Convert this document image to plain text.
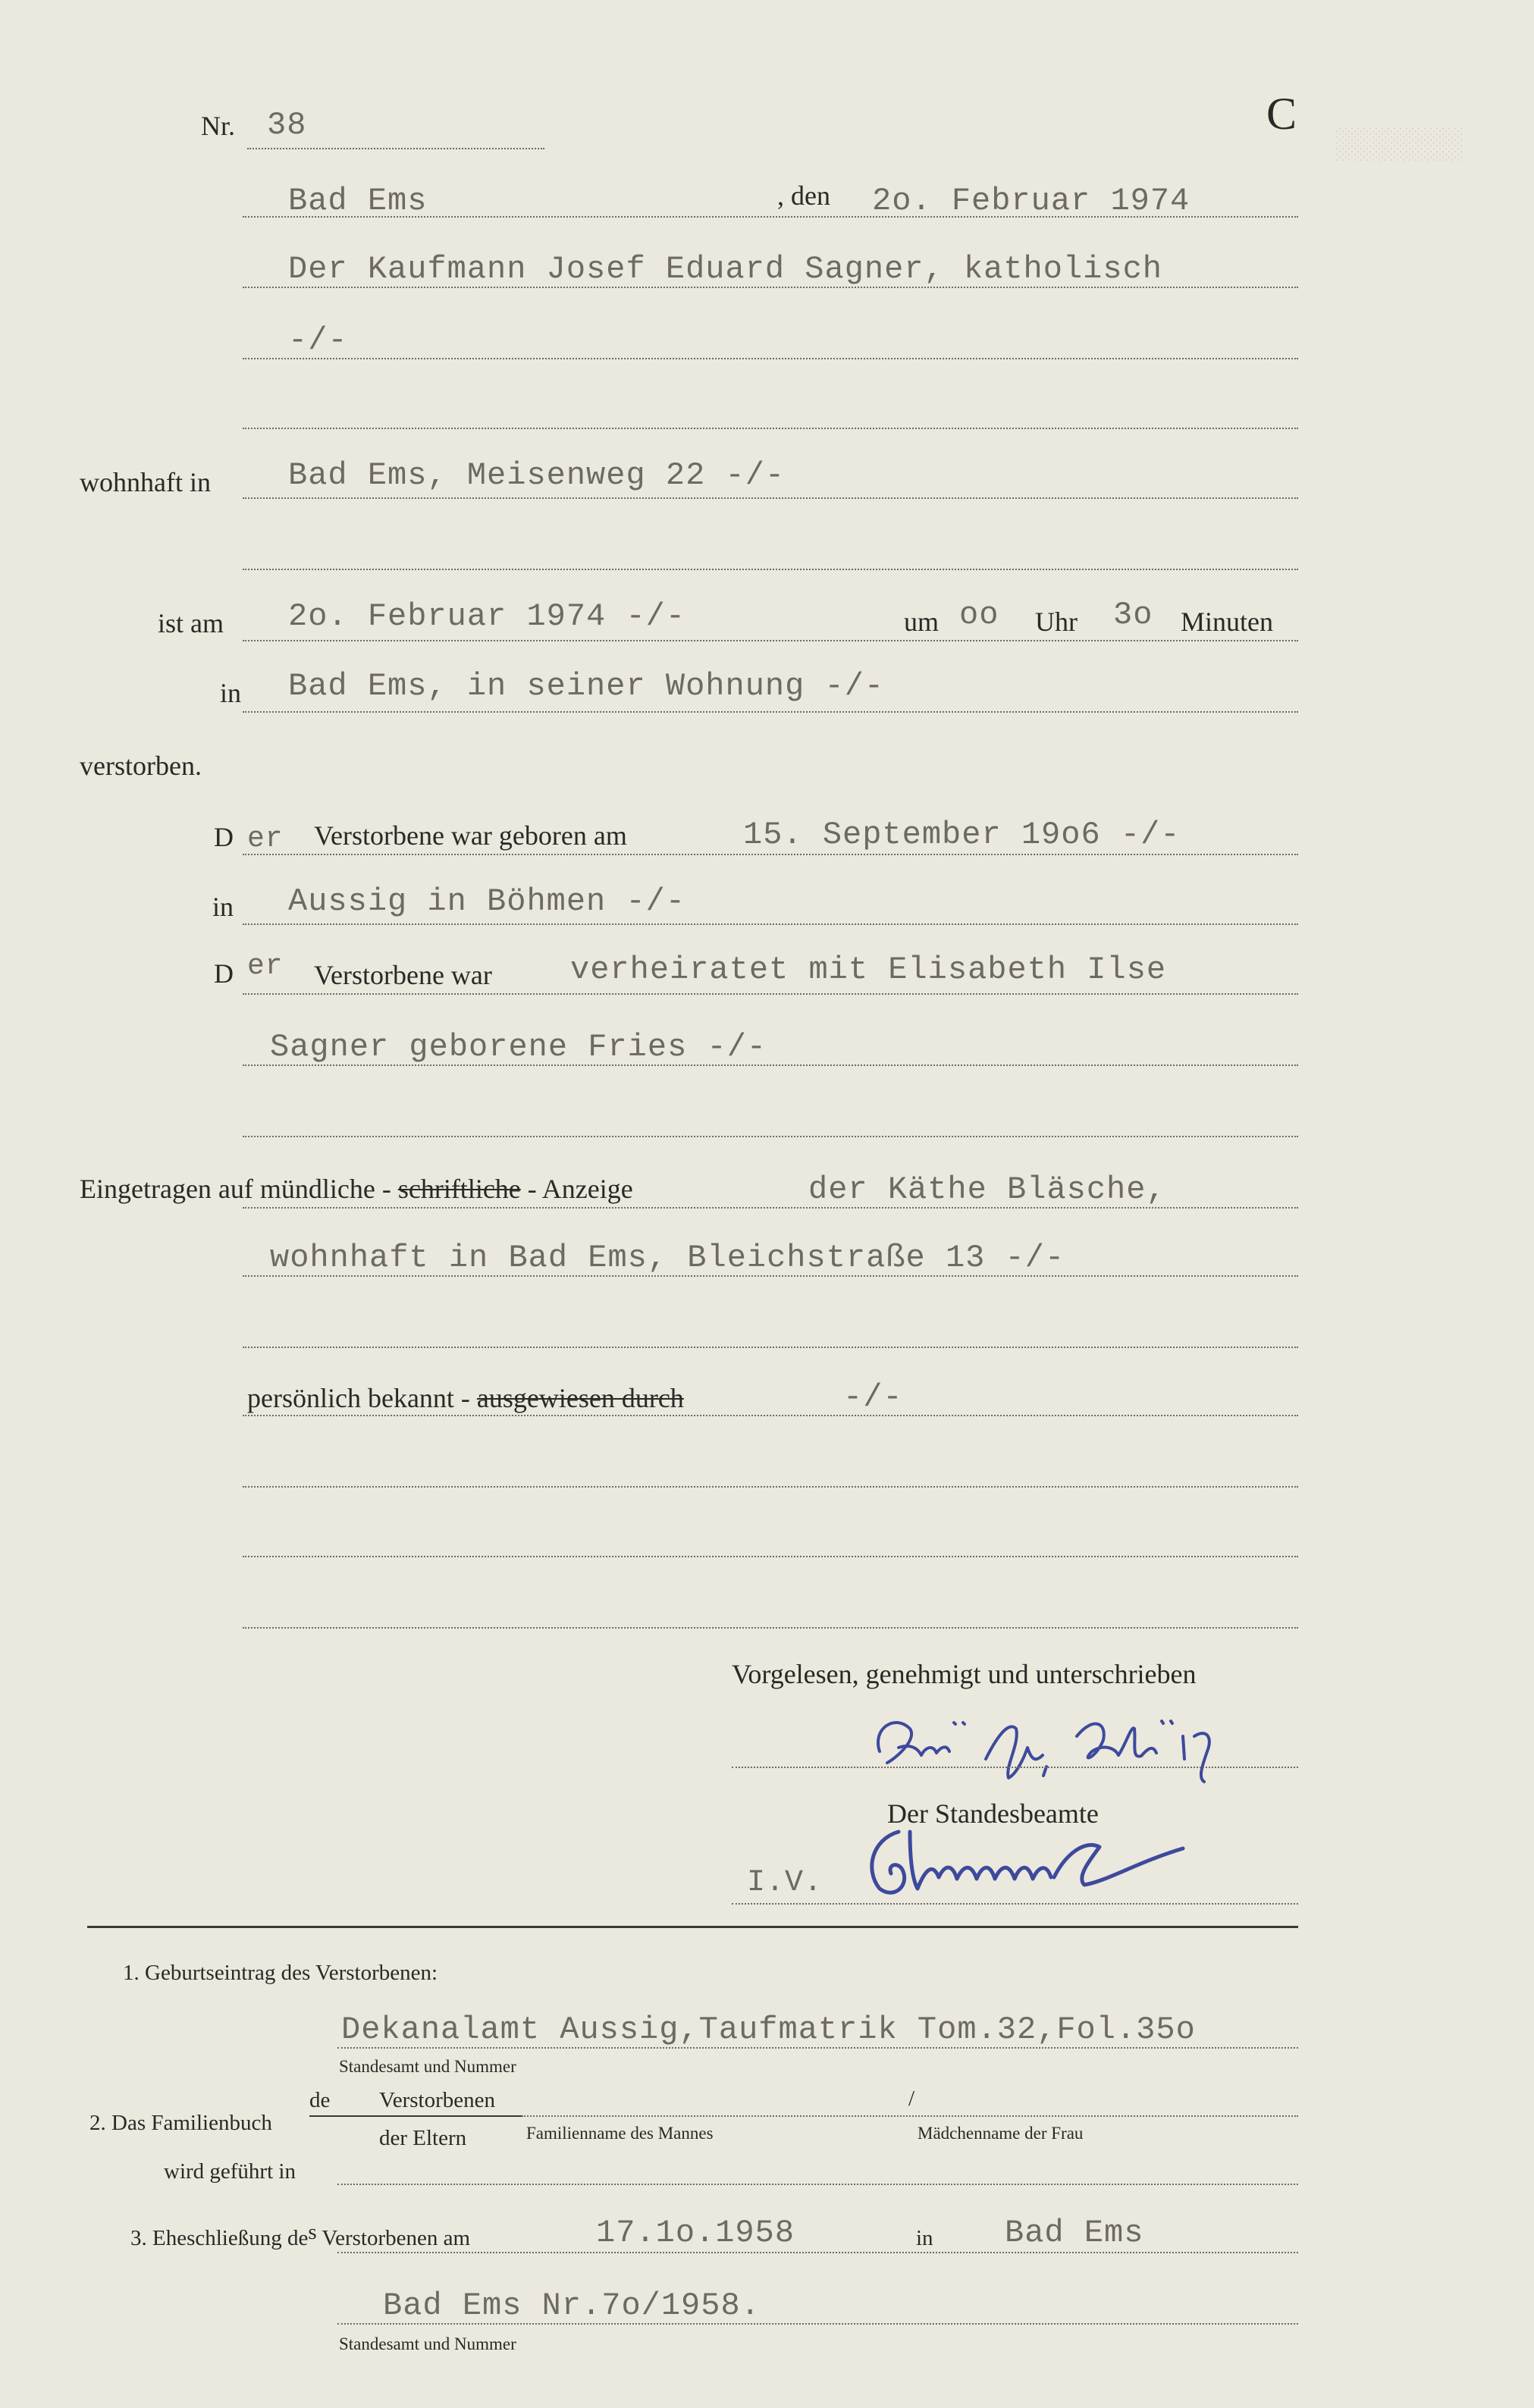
░░░░░░░
Nr. 38	C
Bad Ems	, den 2o. Februar 1974
Der Kaufmann Josef Eduard Sagner, katholisch
-/-
wohnhaft in Bad Ems, Meisenweg 22 -/-
ist am 2o. Februar 1974 -/-	um oo Uhr 3o Minuten
in Bad Ems, in seiner Wohnung -/-
verstorben.
D er Verstorbene war geboren am	15. September 19o6 -/-
in Aussig in Böhmen -/-
D er Verstorbene war verheiratet mit Elisabeth Ilse
Sagner geborene Fries -/-
Eingetragen auf mündliche - schriftliche - Anzeige	der Käthe Bläsche,
wohnhaft in Bad Ems, Bleichstraße 13 -/-
persönlich bekannt - ausgewiesen durch	-/-
Vorgelesen, genehmigt und unterschrieben
Der Standesbeamte
I.V.
1. Geburtseintrag des Verstorbenen:
Dekanalamt Aussig,Taufmatrik Tom.32,Fol.35o
Standesamt und Nummer
de Verstorbenen
2. Das Familienbuch
der Eltern
/
Familienname des Mannes	Mädchenname der Frau
wird geführt in
3. Eheschließung des Verstorbenen am	17.1o.1958	in Bad Ems
Bad Ems Nr.7o/1958.
Standesamt und Nummer
